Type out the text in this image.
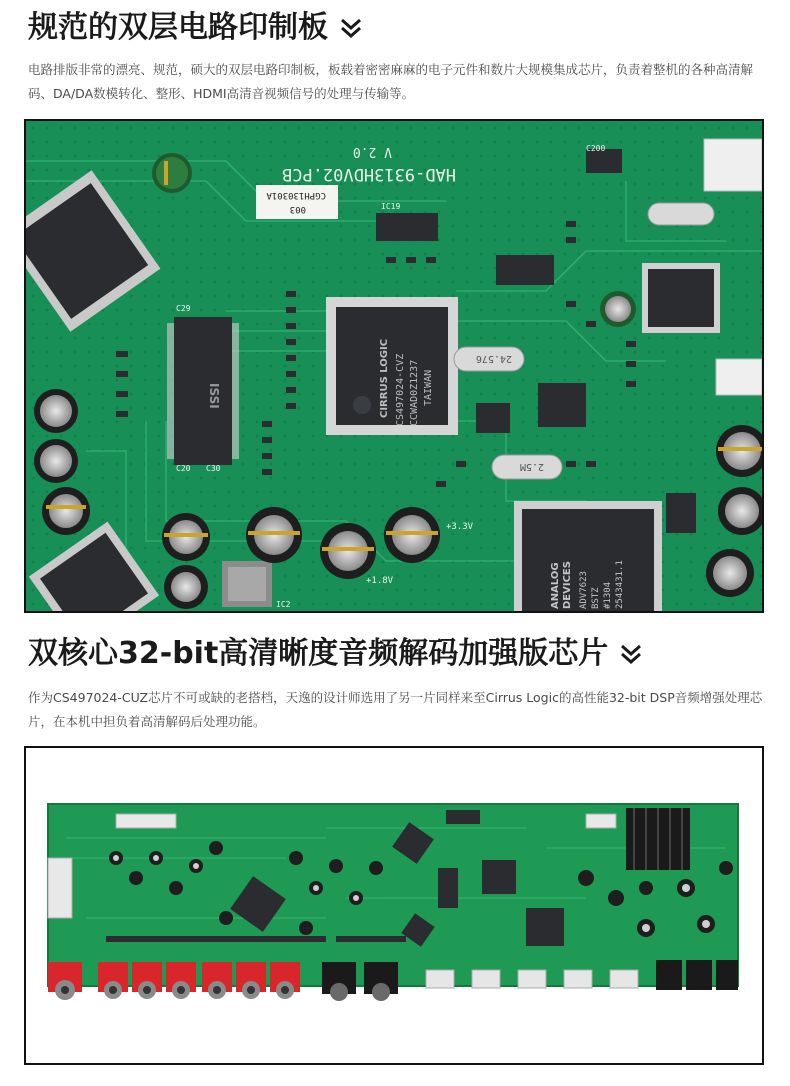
规范的双层电路印制板

电路排版非常的漂亮、规范，硕大的双层电路印制板，板载着密密麻麻的电子元件和数片大规模集成芯片，负责着整机的各种高清解码、DA/DA数模转化、整形、HDMI高清音视频信号的处理与传输等。

HAD-9313HDV02.PCB
V 2.0
CGPH130301A
003
ISSI
C29
C30
C20
CIRRUS LOGIC CS497024-CVZ CCWAD0Z1237 TAIWAN
IC19
24.576
2.5M
ANALOG DEVICES ADV7623 BSTZ #1304 2543431.1
IC2
+3.3V
+1.8V
C200
双核心32-bit高清晰度音频解码加强版芯片

作为CS497024-CUZ芯片不可或缺的老搭档，天逸的设计师选用了另一片同样来至Cirrus Logic的高性能32-bit DSP音频增强处理芯片，在本机中担负着高清解码后处理功能。
